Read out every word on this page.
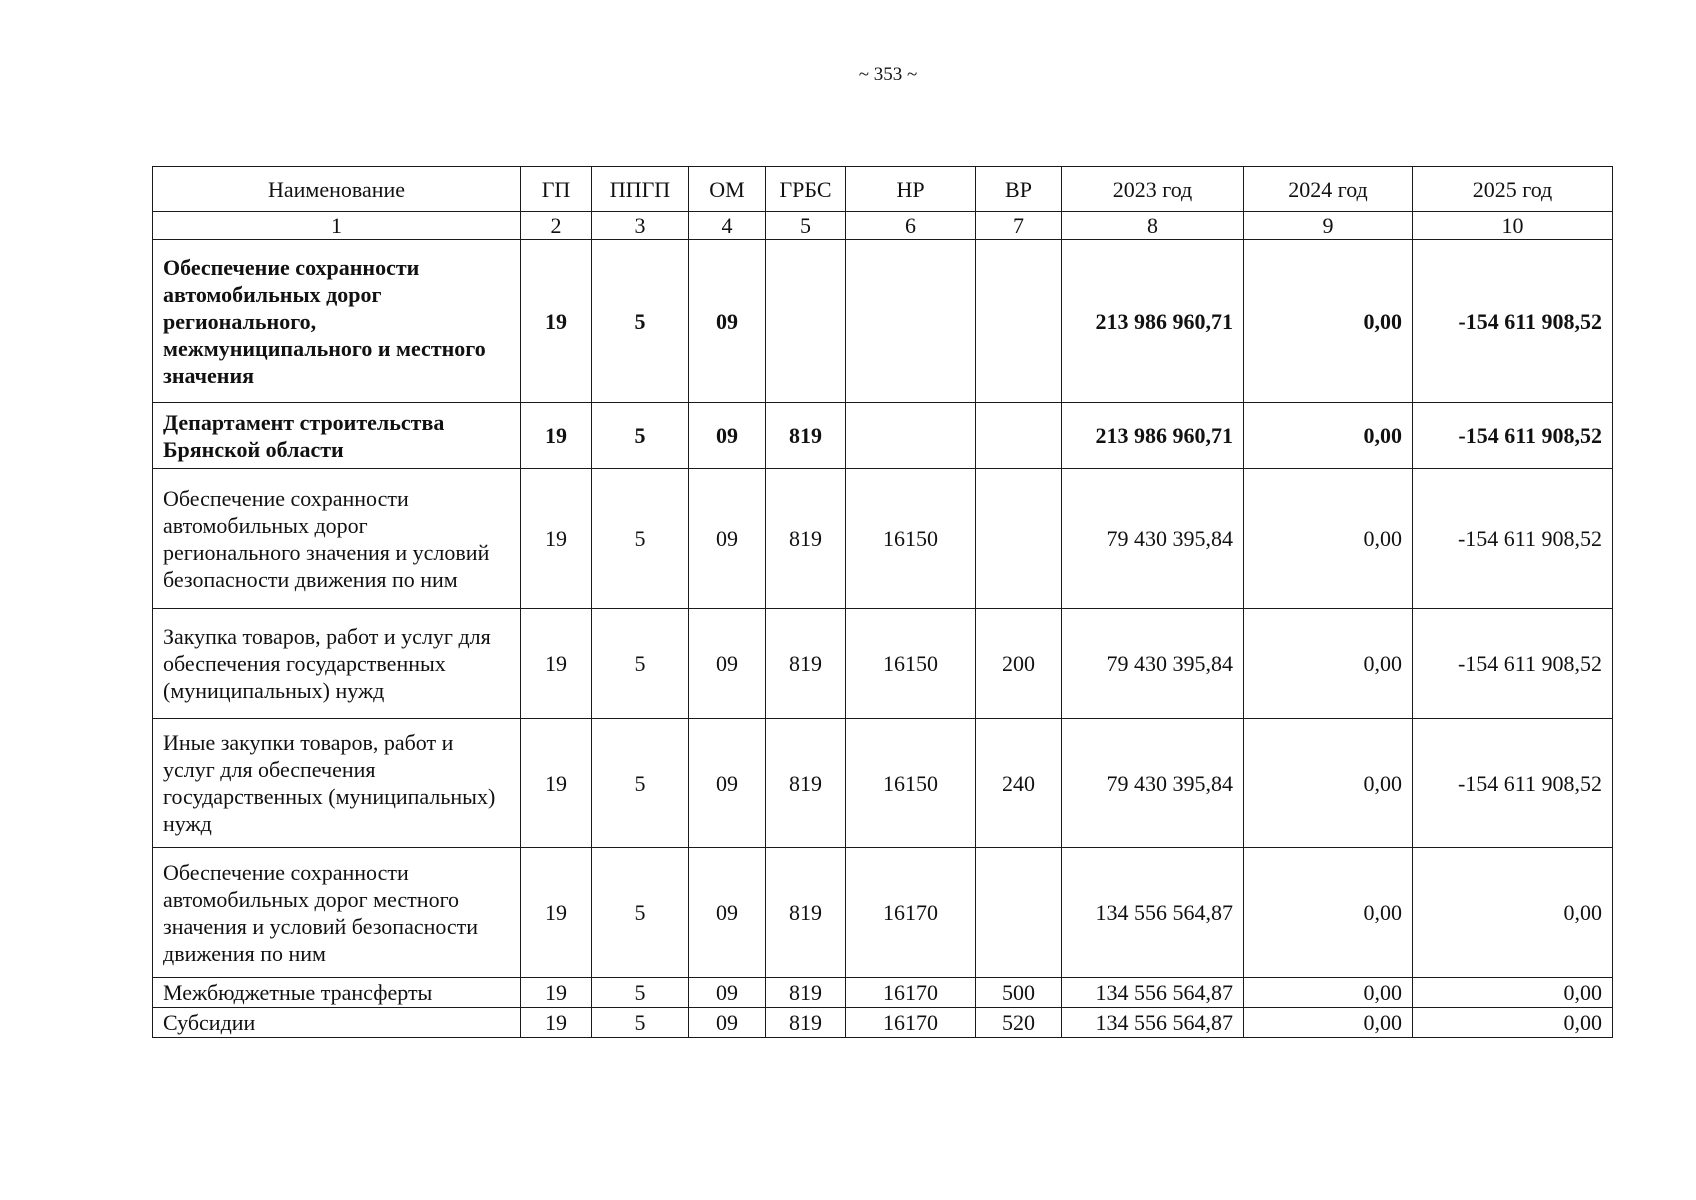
~ 353 ~
Наименование	ГП	ППГП	ОМ	ГРБС	НР	ВР	2023 год	2024 год	2025 год
1	2	3	4	5	6	7	8	9	10
Обеспечение сохранности автомобильных дорог регионального, межмуниципального и местного значения	19	5	09				213 986 960,71	0,00	-154 611 908,52
Департамент строительства Брянской области	19	5	09	819			213 986 960,71	0,00	-154 611 908,52
Обеспечение сохранности автомобильных дорог регионального значения и условий безопасности движения по ним	19	5	09	819	16150		79 430 395,84	0,00	-154 611 908,52
Закупка товаров, работ и услуг для обеспечения государственных (муниципальных) нужд	19	5	09	819	16150	200	79 430 395,84	0,00	-154 611 908,52
Иные закупки товаров, работ и услуг для обеспечения государственных (муниципальных) нужд	19	5	09	819	16150	240	79 430 395,84	0,00	-154 611 908,52
Обеспечение сохранности автомобильных дорог местного значения и условий безопасности движения по ним	19	5	09	819	16170		134 556 564,87	0,00	0,00
Межбюджетные трансферты	19	5	09	819	16170	500	134 556 564,87	0,00	0,00
Субсидии	19	5	09	819	16170	520	134 556 564,87	0,00	0,00
